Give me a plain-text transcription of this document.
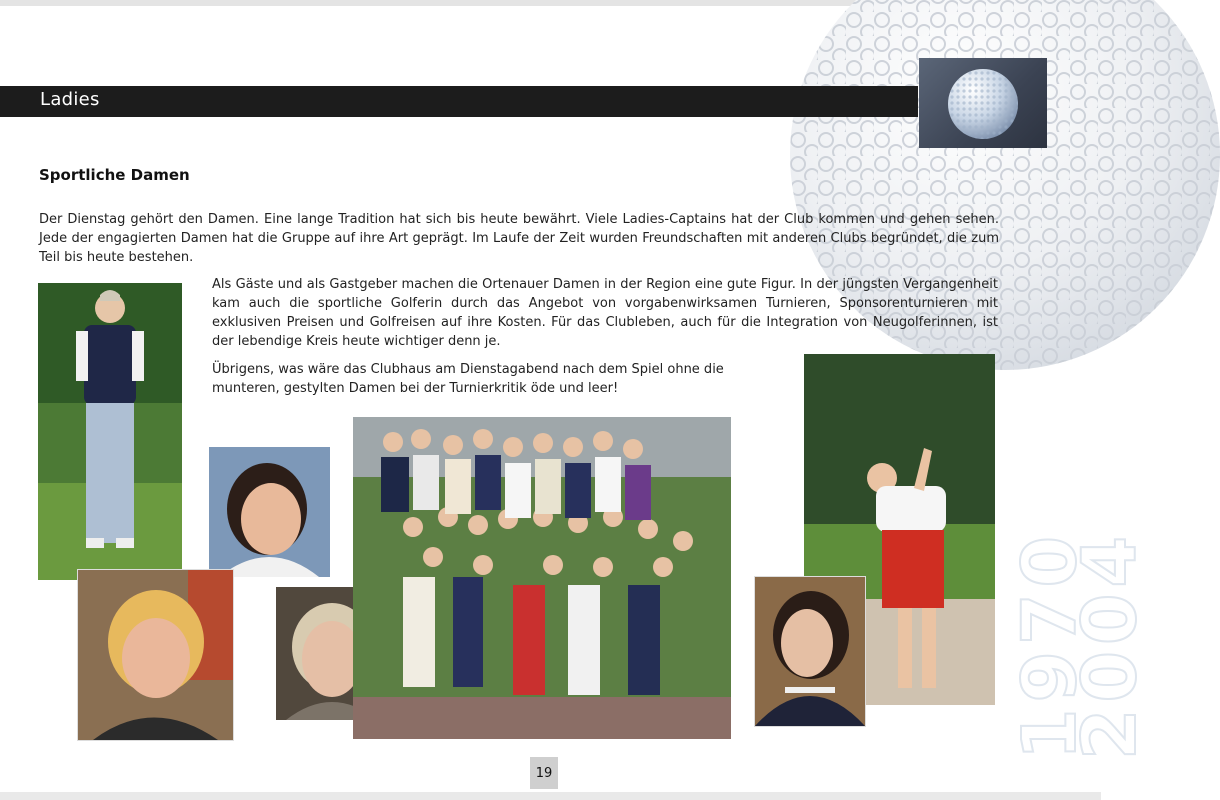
1970 2004
Ladies
Sportliche Damen

Der Dienstag gehört den Damen. Eine lange Tradition hat sich bis heute bewährt. Viele Ladies-Captains hat der Club kommen und gehen sehen. Jede der engagierten Damen hat die Gruppe auf ihre Art geprägt. Im Laufe der Zeit wurden Freundschaften mit anderen Clubs begründet, die zum Teil bis heute bestehen.

Als Gäste und als Gastgeber machen die Ortenauer Damen in der Region eine gute Figur. In der jüngsten Vergangenheit kam auch die sportliche Golferin durch das Angebot von vorgabenwirksamen Turnieren, Sponsorenturnieren mit exklusiven Preisen und Golfreisen auf ihre Kosten. Für das Clubleben, auch für die Integration von Neugolferinnen, ist der lebendige Kreis heute wichtiger denn je.

Übrigens, was wäre das Clubhaus am Dienstagabend nach dem Spiel ohne die munteren, gestylten Damen bei der Turnierkritik öde und leer!

19
